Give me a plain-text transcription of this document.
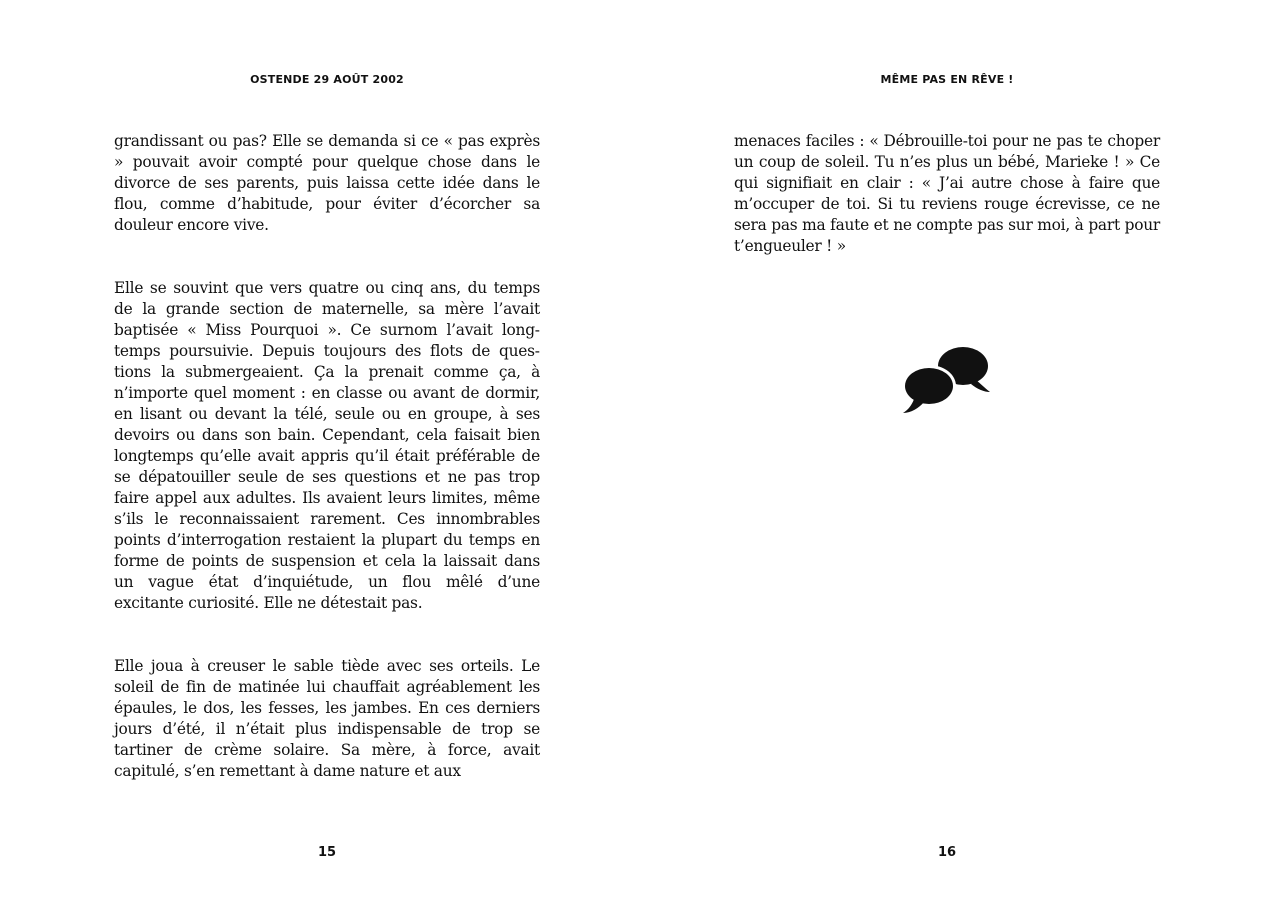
OSTENDE 29 AOÛT 2002

grandissant ou pas? Elle se demanda si ce « pas exprès » pouvait avoir compté pour quelque chose dans le divorce de ses parents, puis laissa cette idée dans le flou, comme d’habitude, pour éviter d’écorcher sa douleur encore vive.

Elle se souvint que vers quatre ou cinq ans, du temps de la grande section de maternelle, sa mère l’avait baptisée « Miss Pourquoi ». Ce surnom l’avait longtemps poursuivie. Depuis toujours des flots de questions la submergeaient. Ça la prenait comme ça, à n’importe quel moment : en classe ou avant de dormir, en lisant ou devant la télé, seule ou en groupe, à ses devoirs ou dans son bain. Cependant, cela faisait bien longtemps qu’elle avait appris qu’il était préférable de se dépatouiller seule de ses questions et ne pas trop faire appel aux adultes. Ils avaient leurs limites, même s’ils le reconnaissaient rarement. Ces innombrables points d’interrogation restaient la plupart du temps en forme de points de suspension et cela la laissait dans un vague état d’inquiétude, un flou mêlé d’une excitante curiosité. Elle ne détestait pas.

Elle joua à creuser le sable tiède avec ses orteils. Le soleil de fin de matinée lui chauffait agréablement les épaules, le dos, les fesses, les jambes. En ces derniers jours d’été, il n’était plus indispensable de trop se tartiner de crème solaire. Sa mère, à force, avait capitulé, s’en remettant à dame nature et aux

15
MÊME PAS EN RÊVE !

menaces faciles : « Débrouille-toi pour ne pas te choper un coup de soleil. Tu n’es plus un bébé, Marieke ! » Ce qui signifiait en clair : « J’ai autre chose à faire que m’occuper de toi. Si tu reviens rouge écrevisse, ce ne sera pas ma faute et ne compte pas sur moi, à part pour t’engueuler ! »

16
